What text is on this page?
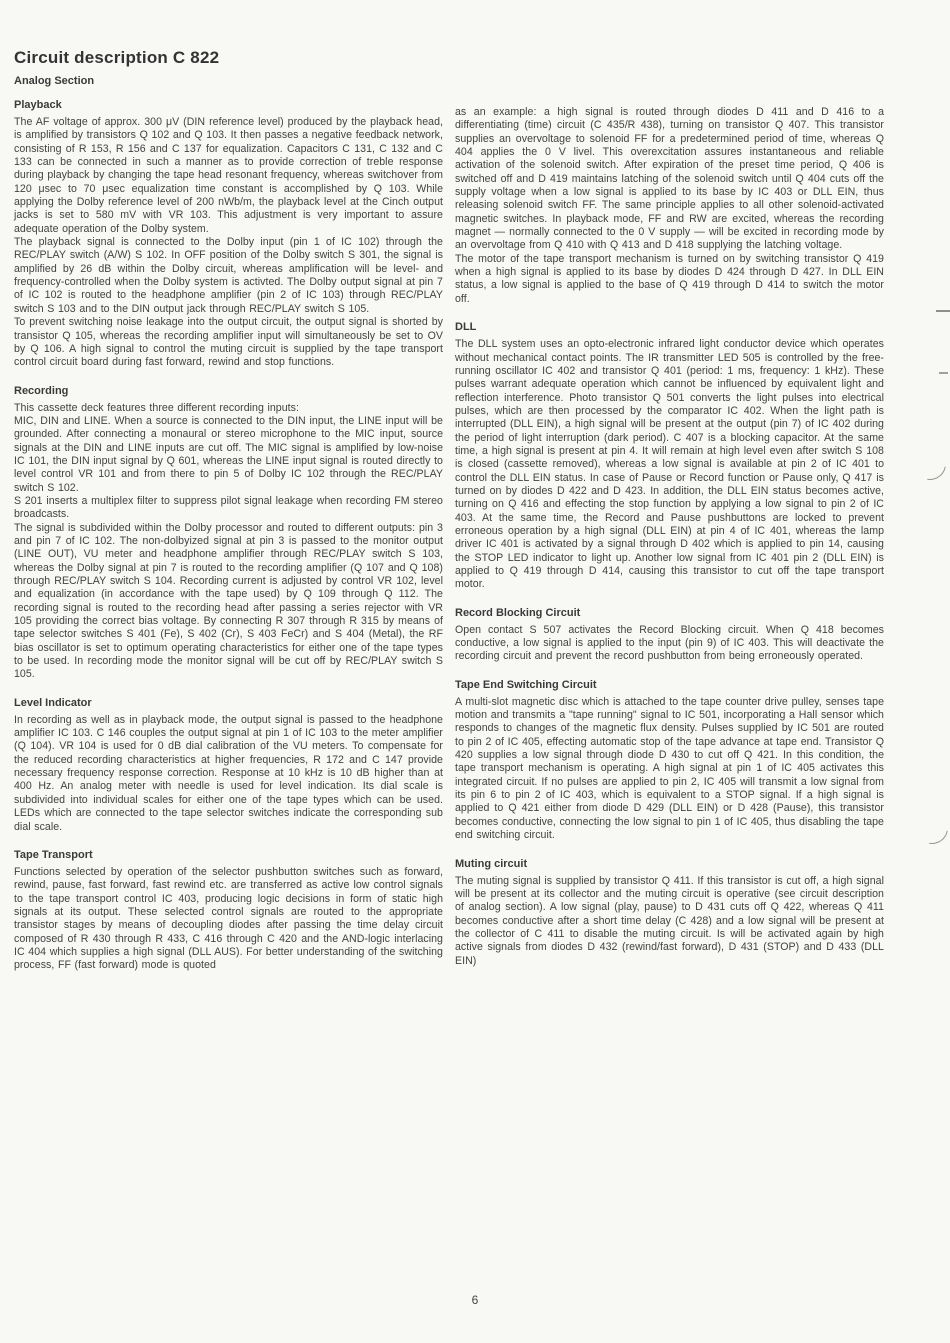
Circuit description C 822
Analog Section
Playback

The AF voltage of approx. 300 μV (DIN reference level) produced by the playback head, is amplified by transistors Q 102 and Q 103. It then passes a negative feedback network, consisting of R 153, R 156 and C 137 for equalization. Capacitors C 131, C 132 and C 133 can be connected in such a manner as to provide correction of treble response during playback by changing the tape head resonant frequency, whereas switchover from 120 μsec to 70 μsec equalization time constant is accomplished by Q 103. While applying the Dolby reference level of 200 nWb/m, the playback level at the Cinch output jacks is set to 580 mV with VR 103. This adjustment is very important to assure adequate operation of the Dolby system.

The playback signal is connected to the Dolby input (pin 1 of IC 102) through the REC/PLAY switch (A/W) S 102. In OFF position of the Dolby switch S 301, the signal is amplified by 26 dB within the Dolby circuit, whereas amplification will be level- and frequency-controlled when the Dolby system is activted. The Dolby output signal at pin 7 of IC 102 is routed to the headphone amplifier (pin 2 of IC 103) through REC/PLAY switch S 103 and to the DIN output jack through REC/PLAY switch S 105.

To prevent switching noise leakage into the output circuit, the output signal is shorted by transistor Q 105, whereas the recording amplifier input will simultaneously be set to OV by Q 106. A high signal to control the muting circuit is supplied by the tape transport control circuit board during fast forward, rewind and stop functions.

Recording

This cassette deck features three different recording inputs:

MIC, DIN and LINE. When a source is connected to the DIN input, the LINE input will be grounded. After connecting a monaural or stereo microphone to the MIC input, source signals at the DIN and LINE inputs are cut off. The MIC signal is amplified by low-noise IC 101, the DIN input signal by Q 601, whereas the LINE input signal is routed directly to level control VR 101 and from there to pin 5 of Dolby IC 102 through the REC/PLAY switch S 102.

S 201 inserts a multiplex filter to suppress pilot signal leakage when recording FM stereo broadcasts.

The signal is subdivided within the Dolby processor and routed to different outputs: pin 3 and pin 7 of IC 102. The non-dolbyized signal at pin 3 is passed to the monitor output (LINE OUT), VU meter and headphone amplifier through REC/PLAY switch S 103, whereas the Dolby signal at pin 7 is routed to the recording amplifier (Q 107 and Q 108) through REC/PLAY switch S 104. Recording current is adjusted by control VR 102, level and equalization (in accordance with the tape used) by Q 109 through Q 112. The recording signal is routed to the recording head after passing a series rejector with VR 105 providing the correct bias voltage. By connecting R 307 through R 315 by means of tape selector switches S 401 (Fe), S 402 (Cr), S 403 FeCr) and S 404 (Metal), the RF bias oscillator is set to optimum operating characteristics for either one of the tape types to be used. In recording mode the monitor signal will be cut off by REC/PLAY switch S 105.

Level Indicator

In recording as well as in playback mode, the output signal is passed to the headphone amplifier IC 103. C 146 couples the output signal at pin 1 of IC 103 to the meter amplifier (Q 104). VR 104 is used for 0 dB dial calibration of the VU meters. To compensate for the reduced recording characteristics at higher frequencies, R 172 and C 147 provide necessary frequency response correction. Response at 10 kHz is 10 dB higher than at 400 Hz. An analog meter with needle is used for level indication. Its dial scale is subdivided into individual scales for either one of the tape types which can be used. LEDs which are connected to the tape selector switches indicate the corresponding sub dial scale.

Tape Transport

Functions selected by operation of the selector pushbutton switches such as forward, rewind, pause, fast forward, fast rewind etc. are transferred as active low control signals to the tape transport control IC 403, producing logic decisions in form of static high signals at its output. These selected control signals are routed to the appropriate transistor stages by means of decoupling diodes after passing the time delay circuit composed of R 430 through R 433, C 416 through C 420 and the AND-logic interlacing IC 404 which supplies a high signal (DLL AUS). For better understanding of the switching process, FF (fast forward) mode is quoted

as an example: a high signal is routed through diodes D 411 and D 416 to a differentiating (time) circuit (C 435/R 438), turning on transistor Q 407. This transistor supplies an overvoltage to solenoid FF for a predetermined period of time, whereas Q 404 applies the 0 V livel. This overexcitation assures instantaneous and reliable activation of the solenoid switch. After expiration of the preset time period, Q 406 is switched off and D 419 maintains latching of the solenoid switch until Q 404 cuts off the supply voltage when a low signal is applied to its base by IC 403 or DLL EIN, thus releasing solenoid switch FF. The same principle applies to all other solenoid-activated magnetic switches. In playback mode, FF and RW are excited, whereas the recording magnet — normally connected to the 0 V supply — will be excited in recording mode by an overvoltage from Q 410 with Q 413 and D 418 supplying the latching voltage.

The motor of the tape transport mechanism is turned on by switching transistor Q 419 when a high signal is applied to its base by diodes D 424 through D 427. In DLL EIN status, a low signal is applied to the base of Q 419 through D 414 to switch the motor off.

DLL

The DLL system uses an opto-electronic infrared light conductor device which operates without mechanical contact points. The IR transmitter LED 505 is controlled by the free-running oscillator IC 402 and transistor Q 401 (period: 1 ms, frequency: 1 kHz). These pulses warrant adequate operation which cannot be influenced by equivalent light and reflection interference. Photo transistor Q 501 converts the light pulses into electrical pulses, which are then processed by the comparator IC 402. When the light path is interrupted (DLL EIN), a high signal will be present at the output (pin 7) of IC 402 during the period of light interruption (dark period). C 407 is a blocking capacitor. At the same time, a high signal is present at pin 4. It will remain at high level even after switch S 108 is closed (cassette removed), whereas a low signal is available at pin 2 of IC 401 to control the DLL EIN status. In case of Pause or Record function or Pause only, Q 417 is turned on by diodes D 422 and D 423. In addition, the DLL EIN status becomes active, turning on Q 416 and effecting the stop function by applying a low signal to pin 2 of IC 403. At the same time, the Record and Pause pushbuttons are locked to prevent erroneous operation by a high signal (DLL EIN) at pin 4 of IC 401, whereas the lamp driver IC 401 is activated by a signal through D 402 which is applied to pin 14, causing the STOP LED indicator to light up. Another low signal from IC 401 pin 2 (DLL EIN) is applied to Q 419 through D 414, causing this transistor to cut off the tape transport motor.

Record Blocking Circuit

Open contact S 507 activates the Record Blocking circuit. When Q 418 becomes conductive, a low signal is applied to the input (pin 9) of IC 403. This will deactivate the recording circuit and prevent the record pushbutton from being erroneously operated.

Tape End Switching Circuit

A multi-slot magnetic disc which is attached to the tape counter drive pulley, senses tape motion and transmits a "tape running" signal to IC 501, incorporating a Hall sensor which responds to changes of the magnetic flux density. Pulses supplied by IC 501 are routed to pin 2 of IC 405, effecting automatic stop of the tape advance at tape end. Transistor Q 420 supplies a low signal through diode D 430 to cut off Q 421. In this condition, the tape transport mechanism is operating. A high signal at pin 1 of IC 405 activates this integrated circuit. If no pulses are applied to pin 2, IC 405 will transmit a low signal from its pin 6 to pin 2 of IC 403, which is equivalent to a STOP signal. If a high signal is applied to Q 421 either from diode D 429 (DLL EIN) or D 428 (Pause), this transistor becomes conductive, connecting the low signal to pin 1 of IC 405, thus disabling the tape end switching circuit.

Muting circuit

The muting signal is supplied by transistor Q 411. If this transistor is cut off, a high signal will be present at its collector and the muting circuit is operative (see circuit description of analog section). A low signal (play, pause) to D 431 cuts off Q 422, whereas Q 411 becomes conductive after a short time delay (C 428) and a low signal will be present at the collector of C 411 to disable the muting circuit. Is will be activated again by high active signals from diodes D 432 (rewind/fast forward), D 431 (STOP) and D 433 (DLL EIN)

6
